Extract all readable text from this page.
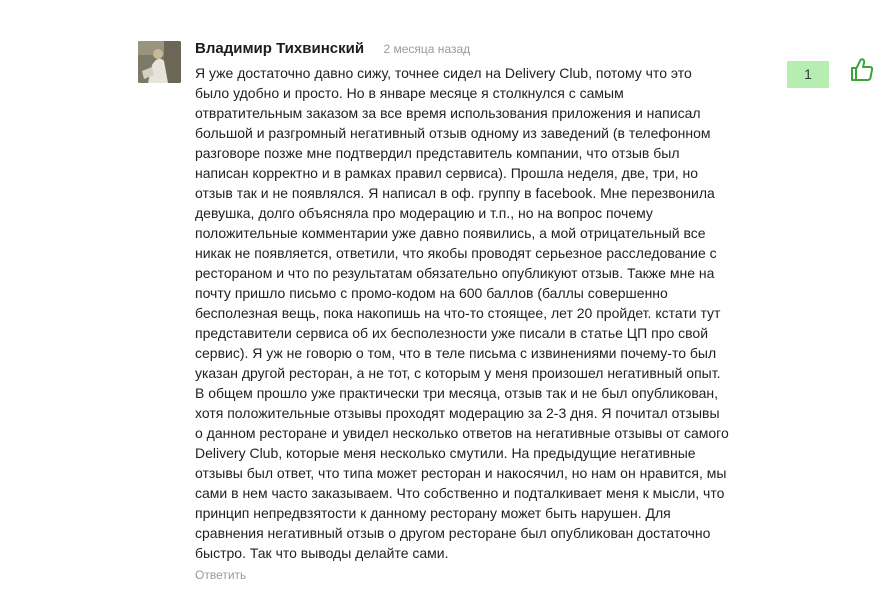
Владимир Тихвинский 2 месяца назад
Я уже достаточно давно сижу, точнее сидел на Delivery Club, потому что это
было удобно и просто. Но в январе месяце я столкнулся с самым
отвратительным заказом за все время использования приложения и написал
большой и разгромный негативный отзыв одному из заведений (в телефонном
разговоре позже мне подтвердил представитель компании, что отзыв был
написан корректно и в рамках правил сервиса). Прошла неделя, две, три, но
отзыв так и не появлялся. Я написал в оф. группу в facebook. Мне перезвонила
девушка, долго объясняла про модерацию и т.п., но на вопрос почему
положительные комментарии уже давно появились, а мой отрицательный все
никак не появляется, ответили, что якобы проводят серьезное расследование с
рестораном и что по результатам обязательно опубликуют отзыв. Также мне на
почту пришло письмо с промо-кодом на 600 баллов (баллы совершенно
бесполезная вещь, пока накопишь на что-то стоящее, лет 20 пройдет. кстати тут
представители сервиса об их бесполезности уже писали в статье ЦП про свой
сервис). Я уж не говорю о том, что в теле письма с извинениями почему-то был
указан другой ресторан, а не тот, с которым у меня произошел негативный опыт.
В общем прошло уже практически три месяца, отзыв так и не был опубликован,
хотя положительные отзывы проходят модерацию за 2-3 дня. Я почитал отзывы
о данном ресторане и увидел несколько ответов на негативные отзывы от самого
Delivery Club, которые меня несколько смутили. На предыдущие негативные
отзывы был ответ, что типа может ресторан и накосячил, но нам он нравится, мы
сами в нем часто заказываем. Что собственно и подталкивает меня к мысли, что
принцип непредвзятости к данному ресторану может быть нарушен. Для
сравнения негативный отзыв о другом ресторане был опубликован достаточно
быстро. Так что выводы делайте сами.
Ответить
1
